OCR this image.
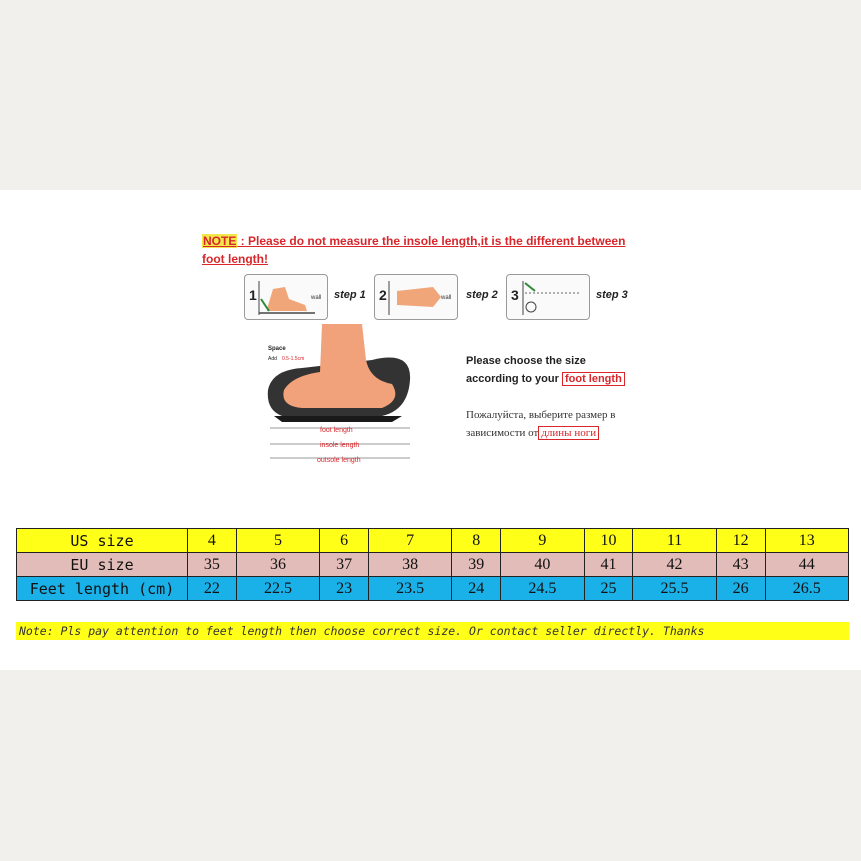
NOTE : Please do not measure the insole length,it is the different between foot length!
1	wall step 1 2	wall step 2 3	step 3
Space
Add 0.5-1.5cm
foot length
insole length
outsole length
Please choose the size
according to your foot length
Пожалуйста, выберите размер в
зависимости от длины ноги
US size	4	5	6	7	8	9	10	11	12	13
EU size	35	36	37	38	39	40	41	42	43	44
Feet length (cm)	22	22.5	23	23.5	24	24.5	25	25.5	26	26.5
Note: Pls pay attention to feet length then choose correct size. Or contact seller directly. Thanks
